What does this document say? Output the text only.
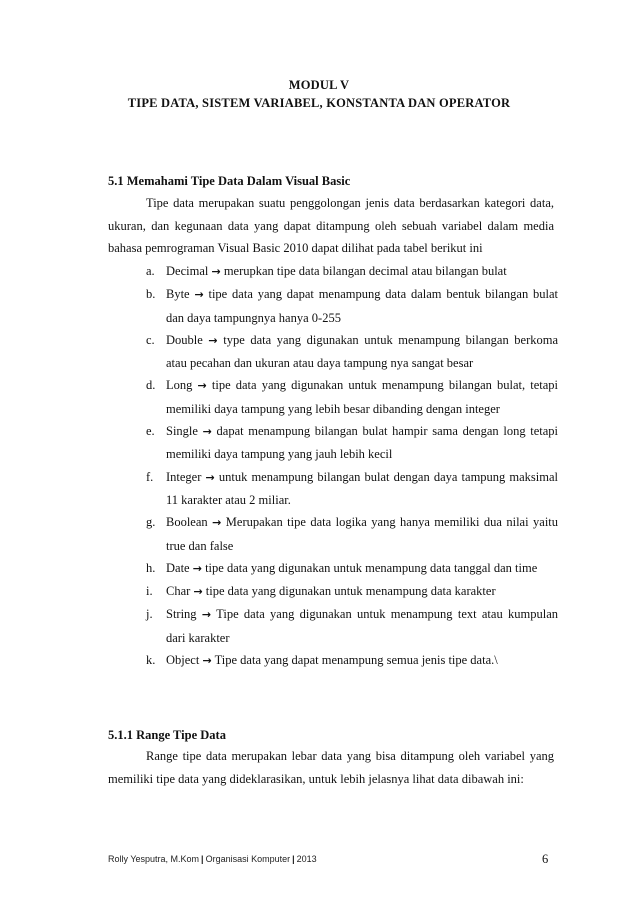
MODUL V
TIPE DATA, SISTEM VARIABEL, KONSTANTA DAN OPERATOR
5.1 Memahami Tipe Data Dalam Visual Basic
Tipe data merupakan suatu penggolongan jenis data berdasarkan kategori data, ukuran, dan kegunaan data yang dapat ditampung oleh sebuah variabel dalam media bahasa pemrograman Visual Basic 2010 dapat dilihat pada tabel berikut ini
a. Decimal → merupkan tipe data bilangan decimal atau bilangan bulat
b. Byte → tipe data yang dapat menampung data dalam bentuk bilangan bulat dan daya tampungnya hanya 0-255
c. Double → type data yang digunakan untuk menampung bilangan berkoma atau pecahan dan ukuran atau daya tampung nya sangat besar
d. Long → tipe data yang digunakan untuk menampung bilangan bulat, tetapi memiliki daya tampung yang lebih besar dibanding dengan integer
e. Single → dapat menampung bilangan bulat hampir sama dengan long tetapi memiliki daya tampung yang jauh lebih kecil
f. Integer → untuk menampung bilangan bulat dengan daya tampung maksimal 11 karakter atau 2 miliar.
g. Boolean → Merupakan tipe data logika yang hanya memiliki dua nilai yaitu true dan false
h. Date → tipe data yang digunakan untuk menampung data tanggal dan time
i. Char → tipe data yang digunakan untuk menampung data karakter
j. String → Tipe data yang digunakan untuk menampung text atau kumpulan dari karakter
k. Object → Tipe data yang dapat menampung semua jenis tipe data.\
5.1.1 Range Tipe Data
Range tipe data merupakan lebar data yang bisa ditampung oleh variabel yang memiliki tipe data yang dideklarasikan, untuk lebih jelasnya lihat data dibawah ini:
Rolly Yesputra, M.Kom | Organisasi Komputer | 2013	6
